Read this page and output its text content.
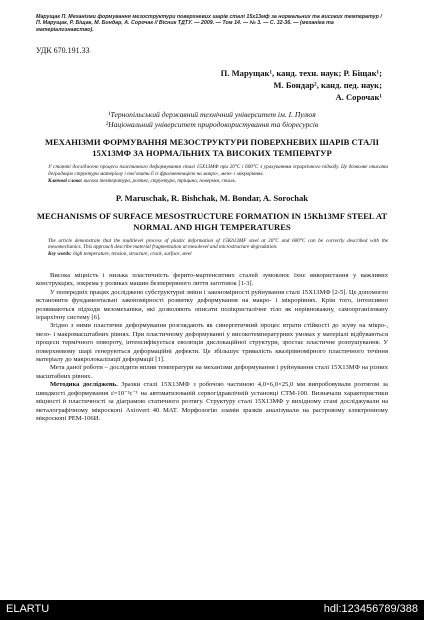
Марущак П. Механізми формування мезоструктури поверхневих шарів сталі 15х13мф за нормальних та високих температур / П. Марущак, Р. Біщак, М. Бондар, А. Сорочак // Вісник ТДТУ. — 2009. — Том 14. — № 3. — С. 32-36. — (механіка та матеріалознавство).
УДК 670.191.33
П. Марущак¹, канд. техн. наук; Р. Біщак¹;
М. Бондар², канд. пед. наук;
А. Сорочак¹
¹Тернопільський державний технічний університет ім. І. Пулюя
²Національний університет природокористування та біоресурсів
МЕХАНІЗМИ ФОРМУВАННЯ МЕЗОСТРУКТУРИ ПОВЕРХНЕВИХ ШАРІВ СТАЛІ 15Х13МФ ЗА НОРМАЛЬНИХ ТА ВИСОКИХ ТЕМПЕРАТУР
У статті досліджено процеси пластичного деформування сталі 15Х13МФ при 20°С і 600°С з урахуванням ієрархічного підходу. Це дозволяє описати деградацію структури матеріалу і пов’язати її із фрагментацією на макро-, мезо- і мікрорівнях.
Ключові слова: висока температура, розтяг, структура, тріщина, поверхня, сталь.
P. Maruschak, R. Bishchak, M. Bondar, A. Sorochak
MECHANISMS OF SURFACE MESOSTRUCTURE FORMATION IN 15Kh13MF STEEL AT NORMAL AND HIGH TEMPERATURES
The article demonstrate that the multilevel process of plastic deformation of 15Kh13MF steel at 20°C and 600°C can be correctly described with the mesomechanics. This approach describe material fragmentation at mesolevel and microstructure degradation.
Key words: high temperature, tension, structure, crack, surface, steel

Висока міцність і низька пластичність ферито-мартенситних сталей зумовлює їхнє використання у важливих конструкціях, зокрема у роликах машин безперервного лиття заготовок [1-3].

У попередніх працях досліджено субструктурні зміни і закономірності руйнування сталі 15Х13МФ [2-5]. Це допомогло встановити фундаментальні закономірності розвитку деформування на макро- і мікрорівнях. Крім того, інтенсивно розвиваються підходи мезомеханіки, які дозволяють описати полікристалічне тіло як нерівноважну, самоорганізовану ієрархічну систему [6].

Згідно з ними пластичне деформування розглядають як синергетичний процес втрати стійкості до зсуву на мікро-, мезо- і макромасштабних рівнях. При пластичному деформуванні у високотемпературних умовах у матеріалі відбуваються процеси термічного повороту, інтенсифікується еволюція дислокаційної структури, зростає пластичне розпушування. У поверхневому шарі генеруються деформаційні дефекти. Це збільшує тривалість квазірівномірного пластичного течіння матеріалу до макролокалізації деформації [1].

Мета даної роботи – дослідити вплив температури на механізми деформування і руйнування сталі 15Х13МФ на різних масштабних рівнях.

Методика досліджень. Зразки сталі 15Х13МФ з робочою частиною 4,0×6,0×25,0 мм випробовували розтягом за швидкості деформування ε̇=10⁻³с⁻¹ на автоматизованій сервогідравлічній установці СТМ-100. Визначали характеристики міцності й пластичності за діаграмою статичного розтягу. Структуру сталі 15Х13МФ у вихідному стані досліджували на металографічному мікроскопі Axiovert 40 MAT. Морфологію зламів зразків аналізували на растровому електронному мікроскопі РЕМ-106И.

ELARTU	hdl:123456789/388
